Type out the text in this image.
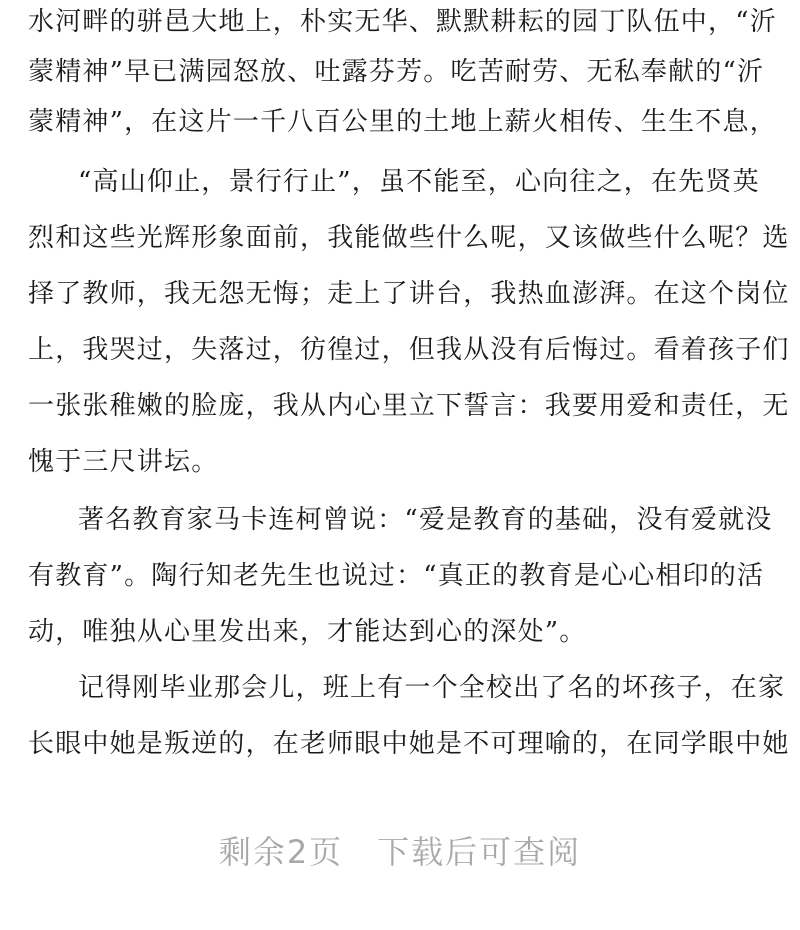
水河畔的骈邑大地上，朴实无华、默默耕耘的园丁队伍中，“沂
蒙精神”早已满园怒放、吐露芬芳。吃苦耐劳、无私奉献的“沂
蒙精神”，在这片一千八百公里的土地上薪火相传、生生不息，
“高山仰止，景行行止”，虽不能至，心向往之，在先贤英
烈和这些光辉形象面前，我能做些什么呢，又该做些什么呢？选
择了教师，我无怨无悔；走上了讲台，我热血澎湃。在这个岗位
上，我哭过，失落过，彷徨过，但我从没有后悔过。看着孩子们
一张张稚嫩的脸庞，我从内心里立下誓言：我要用爱和责任，无
愧于三尺讲坛。
著名教育家马卡连柯曾说：“爱是教育的基础，没有爱就没
有教育”。陶行知老先生也说过：“真正的教育是心心相印的活
动，唯独从心里发出来，才能达到心的深处”。
记得刚毕业那会儿，班上有一个全校出了名的坏孩子，在家
长眼中她是叛逆的，在老师眼中她是不可理喻的，在同学眼中她
剩余2页　下载后可查阅
